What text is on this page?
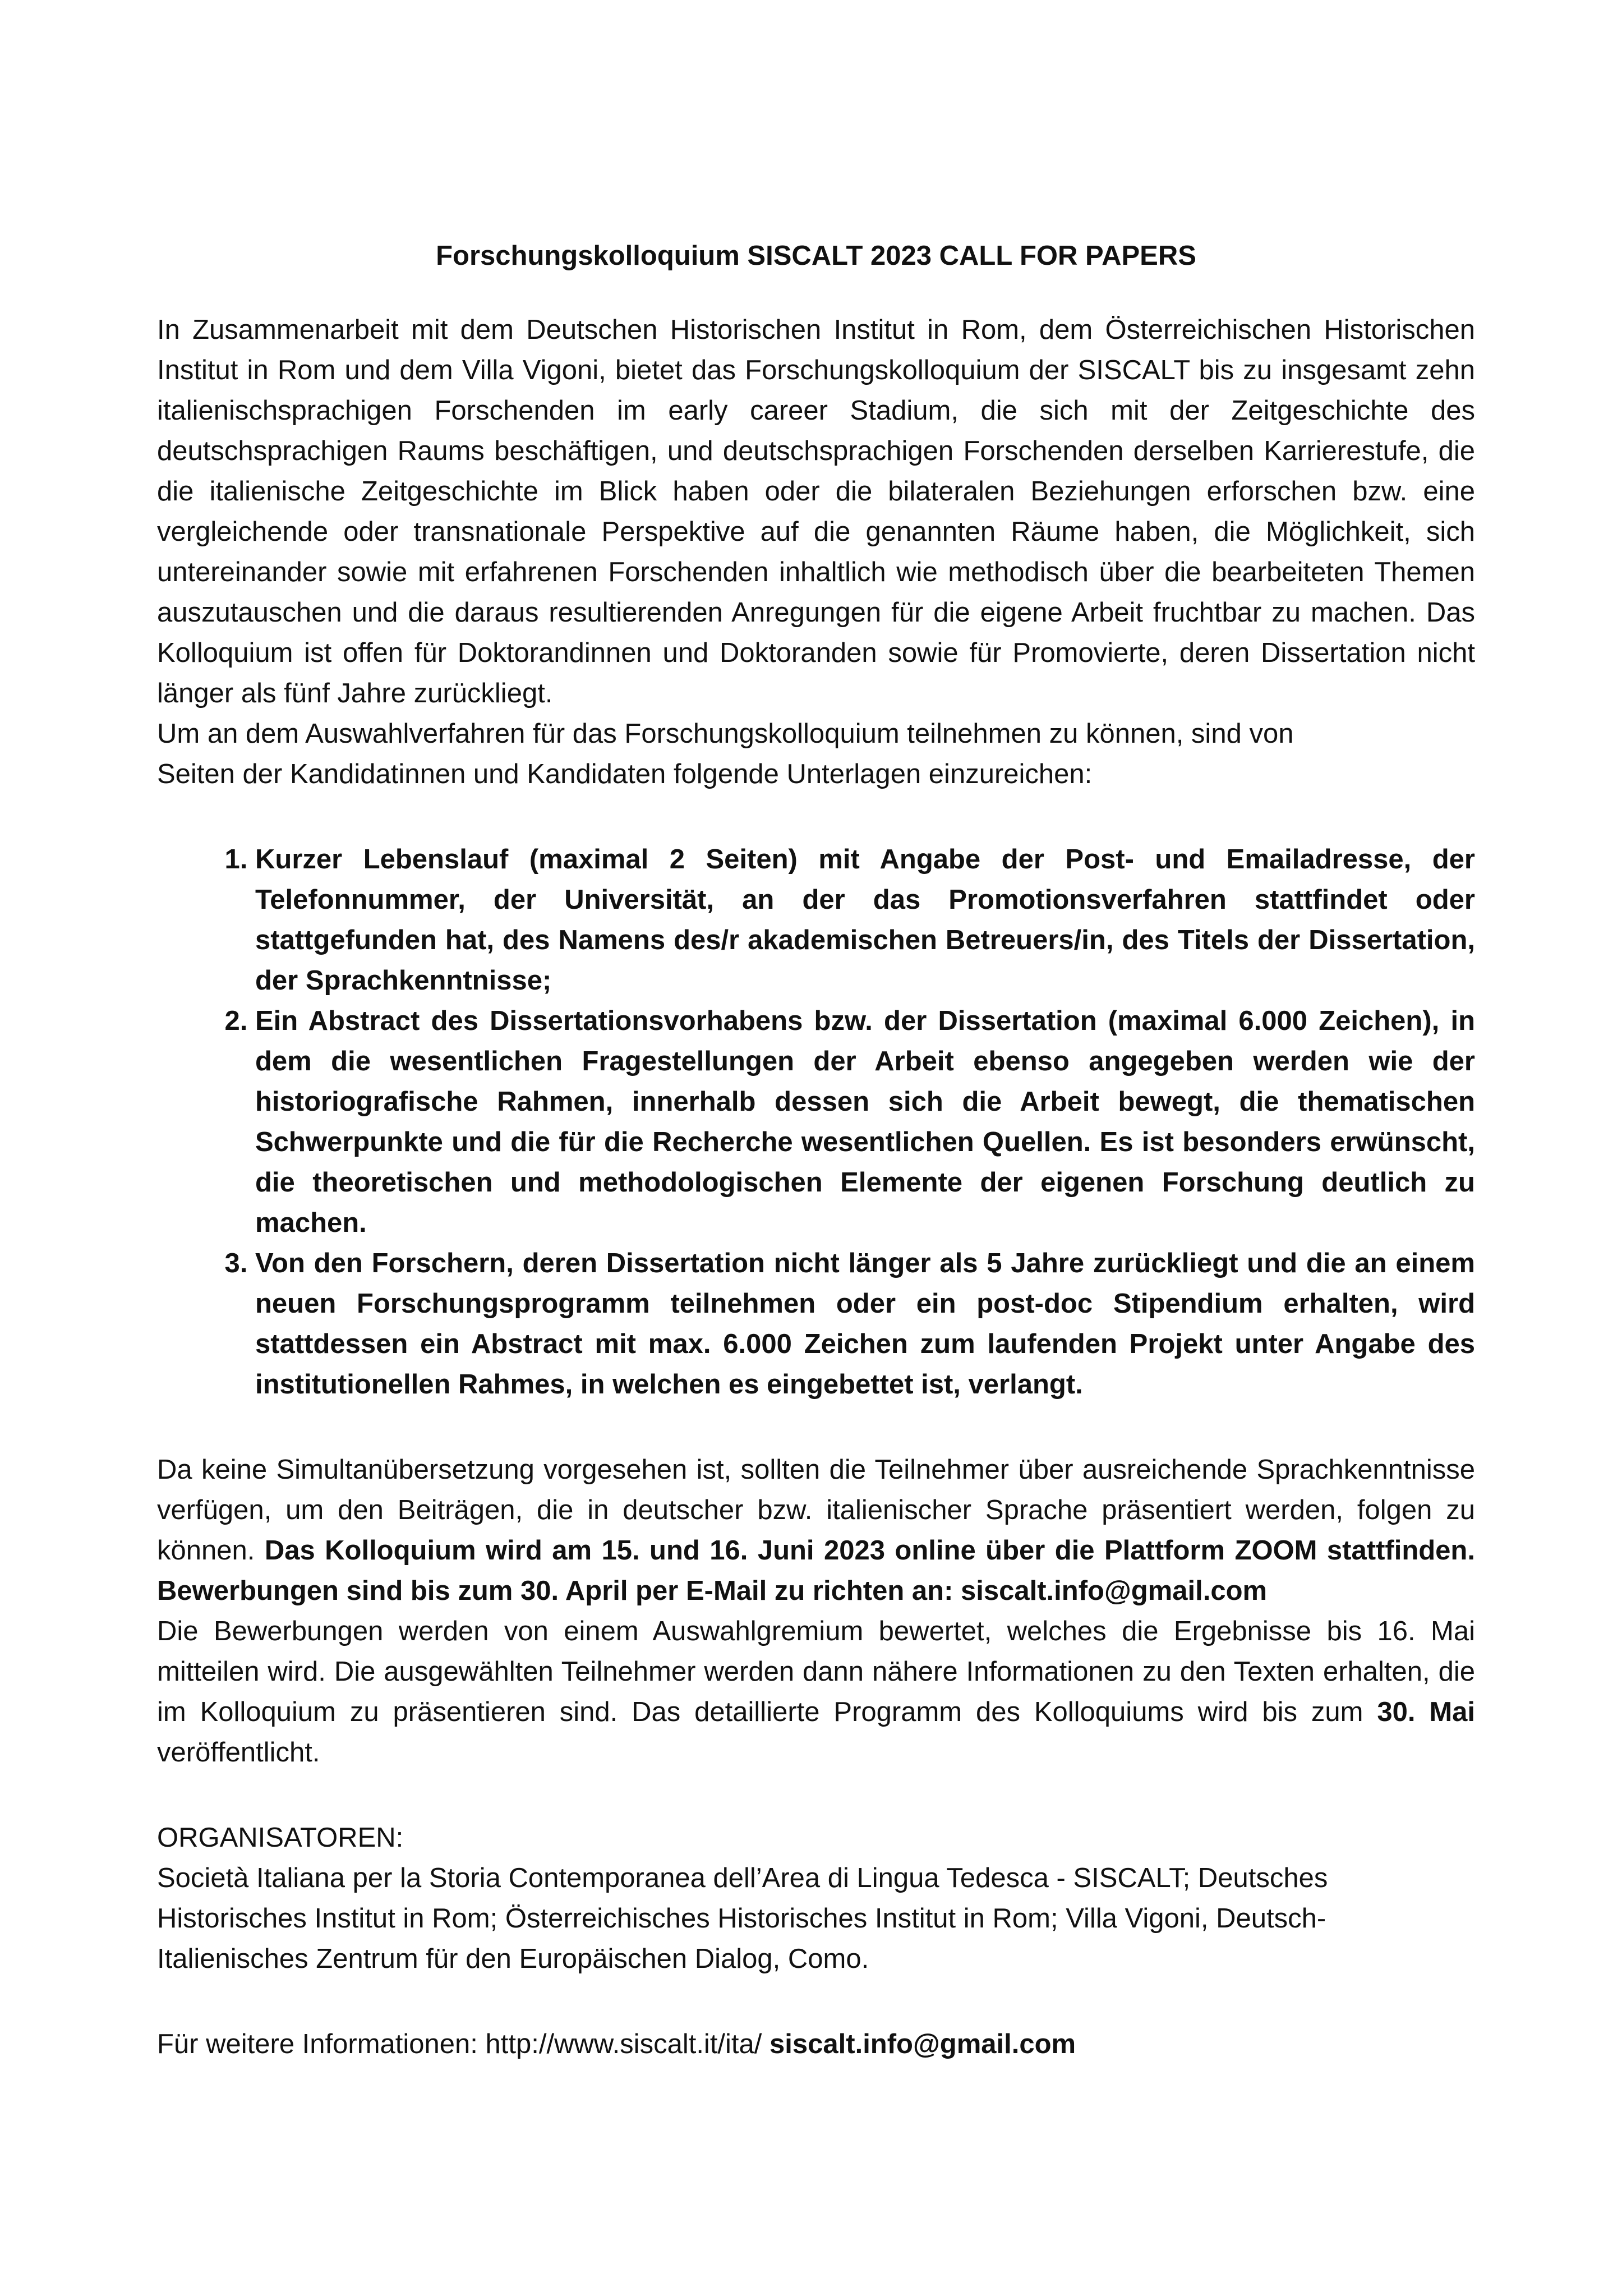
Forschungskolloquium SISCALT 2023 CALL FOR PAPERS

In Zusammenarbeit mit dem Deutschen Historischen Institut in Rom, dem Österreichischen Historischen Institut in Rom und dem Villa Vigoni, bietet das Forschungskolloquium der SISCALT bis zu insgesamt zehn italienischsprachigen Forschenden im early career Stadium, die sich mit der Zeitgeschichte des deutschsprachigen Raums beschäftigen, und deutschsprachigen Forschenden derselben Karrierestufe, die die italienische Zeitgeschichte im Blick haben oder die bilateralen Beziehungen erforschen bzw. eine vergleichende oder transnationale Perspektive auf die genannten Räume haben, die Möglichkeit, sich untereinander sowie mit erfahrenen Forschenden inhaltlich wie methodisch über die bearbeiteten Themen auszutauschen und die daraus resultierenden Anregungen für die eigene Arbeit fruchtbar zu machen. Das Kolloquium ist offen für Doktorandinnen und Doktoranden sowie für Promovierte, deren Dissertation nicht länger als fünf Jahre zurückliegt.

Um an dem Auswahlverfahren für das Forschungskolloquium teilnehmen zu können, sind von

Seiten der Kandidatinnen und Kandidaten folgende Unterlagen einzureichen:

1. Kurzer Lebenslauf (maximal 2 Seiten) mit Angabe der Post- und Emailadresse, der Telefonnummer, der Universität, an der das Promotionsverfahren stattfindet oder stattgefunden hat, des Namens des/r akademischen Betreuers/in, des Titels der Dissertation, der Sprachkenntnisse;
2. Ein Abstract des Dissertationsvorhabens bzw. der Dissertation (maximal 6.000 Zeichen), in dem die wesentlichen Fragestellungen der Arbeit ebenso angegeben werden wie der historiografische Rahmen, innerhalb dessen sich die Arbeit bewegt, die thematischen Schwerpunkte und die für die Recherche wesentlichen Quellen. Es ist besonders erwünscht, die theoretischen und methodologischen Elemente der eigenen Forschung deutlich zu machen.
3. Von den Forschern, deren Dissertation nicht länger als 5 Jahre zurückliegt und die an einem neuen Forschungsprogramm teilnehmen oder ein post-doc Stipendium erhalten, wird stattdessen ein Abstract mit max. 6.000 Zeichen zum laufenden Projekt unter Angabe des institutionellen Rahmes, in welchen es eingebettet ist, verlangt.

Da keine Simultanübersetzung vorgesehen ist, sollten die Teilnehmer über ausreichende Sprachkenntnisse verfügen, um den Beiträgen, die in deutscher bzw. italienischer Sprache präsentiert werden, folgen zu können. Das Kolloquium wird am 15. und 16. Juni 2023 online über die Plattform ZOOM stattfinden. Bewerbungen sind bis zum 30. April per E-Mail zu richten an: siscalt.info@gmail.com

Die Bewerbungen werden von einem Auswahlgremium bewertet, welches die Ergebnisse bis 16. Mai mitteilen wird. Die ausgewählten Teilnehmer werden dann nähere Informationen zu den Texten erhalten, die im Kolloquium zu präsentieren sind. Das detaillierte Programm des Kolloquiums wird bis zum 30. Mai veröffentlicht.

ORGANISATOREN:

Società Italiana per la Storia Contemporanea dell’Area di Lingua Tedesca - SISCALT; Deutsches

Historisches Institut in Rom; Österreichisches Historisches Institut in Rom; Villa Vigoni, Deutsch-

Italienisches Zentrum für den Europäischen Dialog, Como.

Für weitere Informationen: http://www.siscalt.it/ita/ siscalt.info@gmail.com
